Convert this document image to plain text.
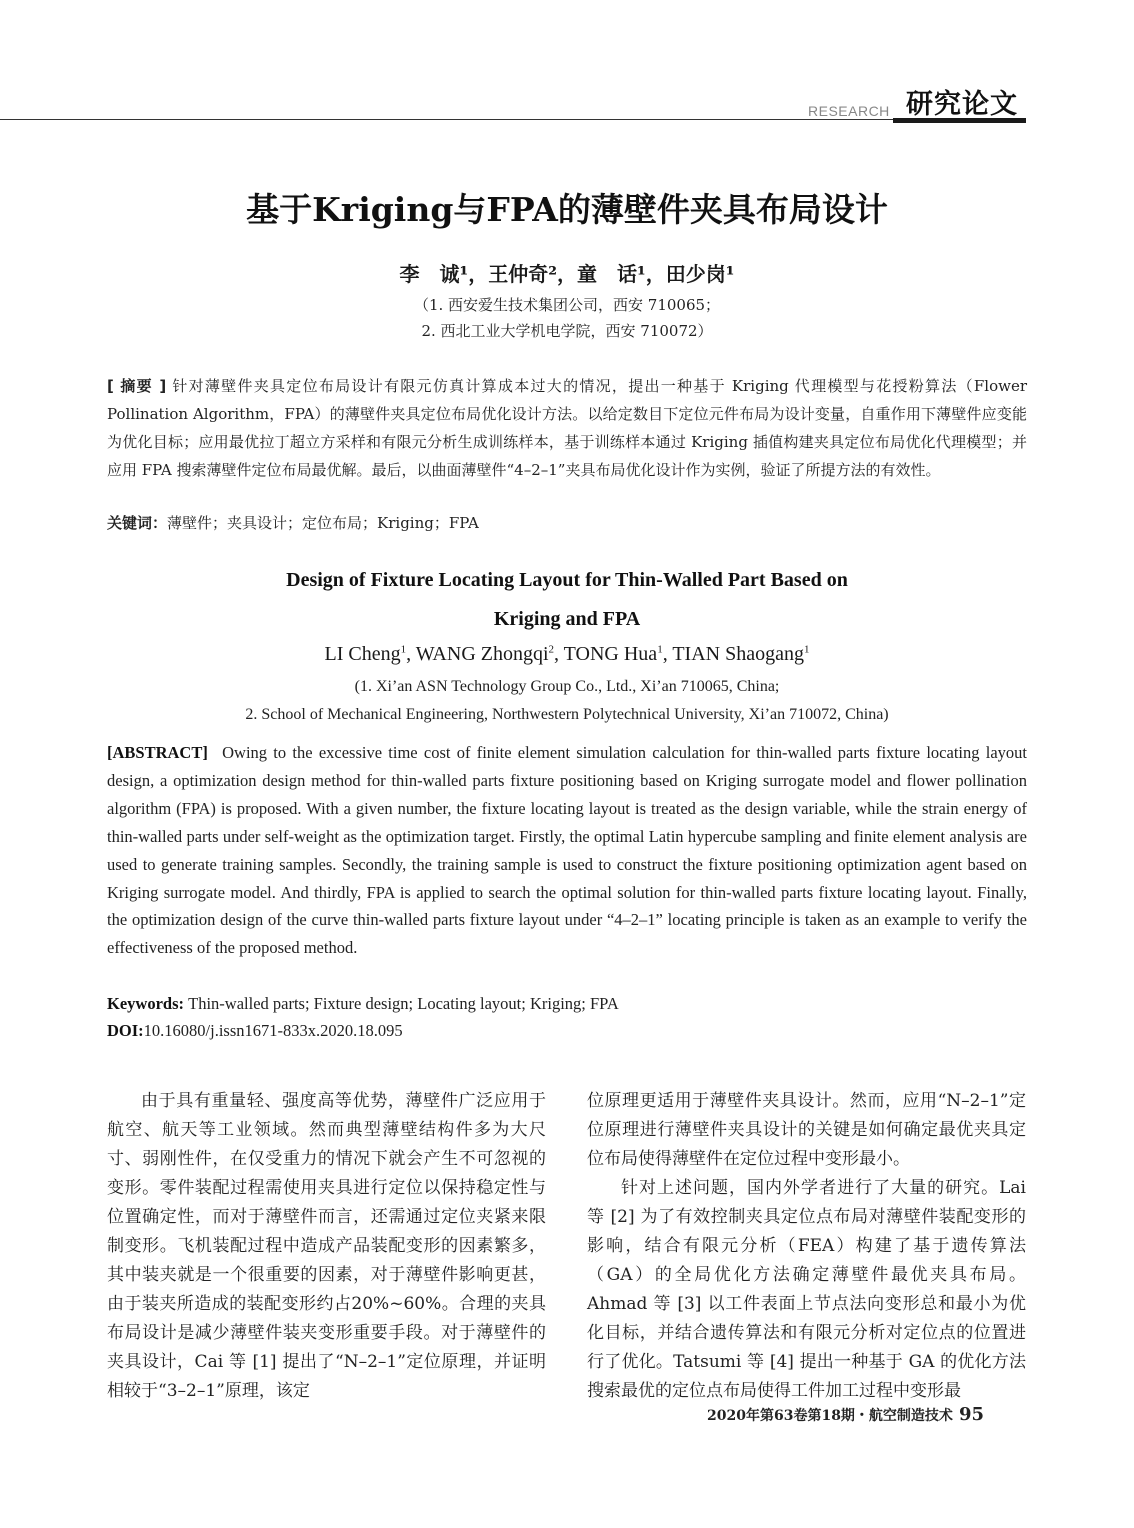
RESEARCH 研究论文
基于Kriging与FPA的薄壁件夹具布局设计
李　诚¹，王仲奇²，童　话¹，田少岗¹
（1. 西安爱生技术集团公司，西安 710065；
2. 西北工业大学机电学院，西安 710072）
[ 摘要 ] 针对薄壁件夹具定位布局设计有限元仿真计算成本过大的情况，提出一种基于 Kriging 代理模型与花授粉算法（Flower Pollination Algorithm，FPA）的薄壁件夹具定位布局优化设计方法。以给定数目下定位元件布局为设计变量，自重作用下薄壁件应变能为优化目标；应用最优拉丁超立方采样和有限元分析生成训练样本，基于训练样本通过 Kriging 插值构建夹具定位布局优化代理模型；并应用 FPA 搜索薄壁件定位布局最优解。最后，以曲面薄壁件“4–2–1”夹具布局优化设计作为实例，验证了所提方法的有效性。
关键词：薄壁件；夹具设计；定位布局；Kriging；FPA
Design of Fixture Locating Layout for Thin-Walled Part Based on
Kriging and FPA
LI Cheng$^1$, WANG Zhongqi$^2$, TONG Hua$^1$, TIAN Shaogang$^1$
(1. Xi’an ASN Technology Group Co., Ltd., Xi’an 710065, China;
2. School of Mechanical Engineering, Northwestern Polytechnical University, Xi’an 710072, China)
[ABSTRACT] Owing to the excessive time cost of finite element simulation calculation for thin-walled parts fixture locating layout design, a optimization design method for thin-walled parts fixture positioning based on Kriging surrogate model and flower pollination algorithm (FPA) is proposed. With a given number, the fixture locating layout is treated as the design variable, while the strain energy of thin-walled parts under self-weight as the optimization target. Firstly, the optimal Latin hypercube sampling and finite element analysis are used to generate training samples. Secondly, the training sample is used to construct the fixture positioning optimization agent based on Kriging surrogate model. And thirdly, FPA is applied to search the optimal solution for thin-walled parts fixture locating layout. Finally, the optimization design of the curve thin-walled parts fixture layout under “4–2–1” locating principle is taken as an example to verify the effectiveness of the proposed method.
Keywords: Thin-walled parts; Fixture design; Locating layout; Kriging; FPA
DOI:10.16080/j.issn1671-833x.2020.18.095

由于具有重量轻、强度高等优势，薄壁件广泛应用于航空、航天等工业领域。然而典型薄壁结构件多为大尺寸、弱刚性件，在仅受重力的情况下就会产生不可忽视的变形。零件装配过程需使用夹具进行定位以保持稳定性与位置确定性，而对于薄壁件而言，还需通过定位夹紧来限制变形。飞机装配过程中造成产品装配变形的因素繁多，其中装夹就是一个很重要的因素，对于薄壁件影响更甚，由于装夹所造成的装配变形约占20%~60%。合理的夹具布局设计是减少薄壁件装夹变形重要手段。对于薄壁件的夹具设计，Cai 等 [1] 提出了“N–2–1”定位原理，并证明相较于“3–2–1”原理，该定

位原理更适用于薄壁件夹具设计。然而，应用“N–2–1”定位原理进行薄壁件夹具设计的关键是如何确定最优夹具定位布局使得薄壁件在定位过程中变形最小。

针对上述问题，国内外学者进行了大量的研究。Lai 等 [2] 为了有效控制夹具定位点布局对薄壁件装配变形的影响，结合有限元分析（FEA）构建了基于遗传算法（GA）的全局优化方法确定薄壁件最优夹具布局。Ahmad 等 [3] 以工件表面上节点法向变形总和最小为优化目标，并结合遗传算法和有限元分析对定位点的位置进行了优化。Tatsumi 等 [4] 提出一种基于 GA 的优化方法搜索最优的定位点布局使得工件加工过程中变形最

2020年第63卷第18期・航空制造技术 95
